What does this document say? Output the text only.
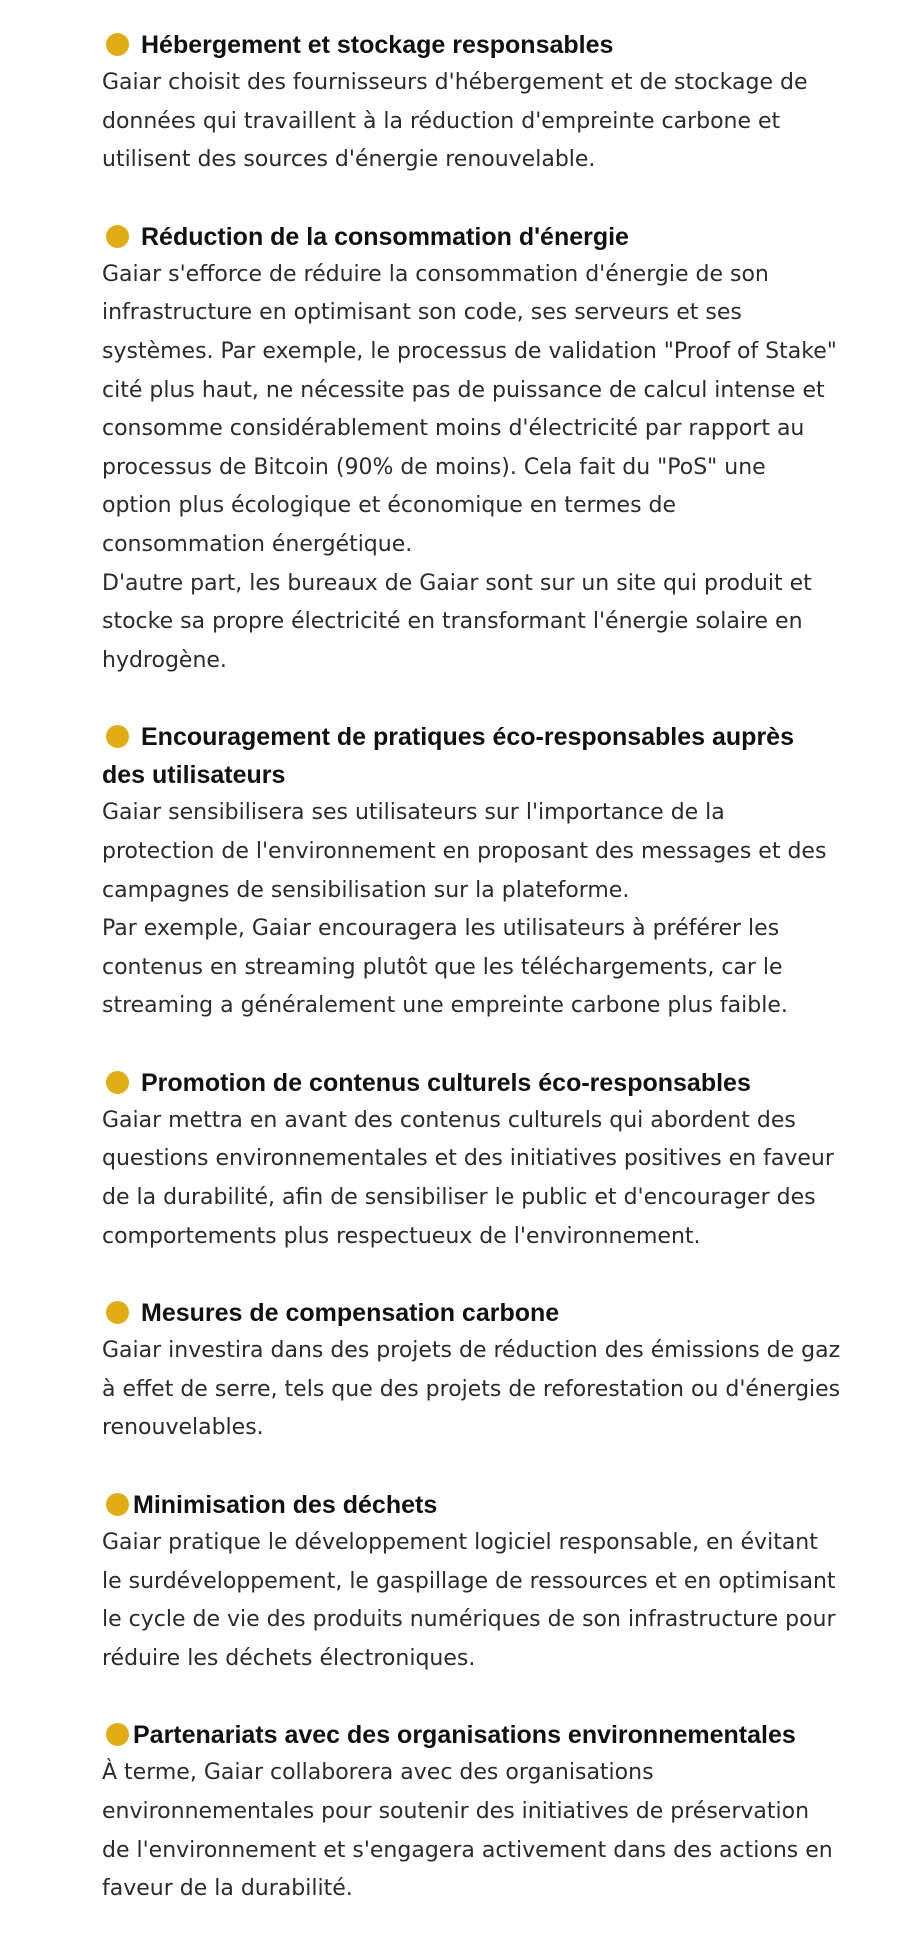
Hébergement et stockage responsables

Gaiar choisit des fournisseurs d'hébergement et de stockage de données qui travaillent à la réduction d'empreinte carbone et utilisent des sources d'énergie renouvelable.

Réduction de la consommation d'énergie

Gaiar s'efforce de réduire la consommation d'énergie de son infrastructure en optimisant son code, ses serveurs et ses systèmes. Par exemple, le processus de validation "Proof of Stake" cité plus haut, ne nécessite pas de puissance de calcul intense et consomme considérablement moins d'électricité par rapport au processus de Bitcoin (90% de moins). Cela fait du "PoS" une option plus écologique et économique en termes de consommation énergétique.

D'autre part, les bureaux de Gaiar sont sur un site qui produit et stocke sa propre électricité en transformant l'énergie solaire en hydrogène.

Encouragement de pratiques éco-responsables auprès des utilisateurs

Gaiar sensibilisera ses utilisateurs sur l'importance de la protection de l'environnement en proposant des messages et des campagnes de sensibilisation sur la plateforme.

Par exemple, Gaiar encouragera les utilisateurs à préférer les contenus en streaming plutôt que les téléchargements, car le streaming a généralement une empreinte carbone plus faible.

Promotion de contenus culturels éco-responsables

Gaiar mettra en avant des contenus culturels qui abordent des questions environnementales et des initiatives positives en faveur de la durabilité, afin de sensibiliser le public et d'encourager des comportements plus respectueux de l'environnement.

Mesures de compensation carbone

Gaiar investira dans des projets de réduction des émissions de gaz à effet de serre, tels que des projets de reforestation ou d'énergies renouvelables.

Minimisation des déchets

Gaiar pratique le développement logiciel responsable, en évitant le surdéveloppement, le gaspillage de ressources et en optimisant le cycle de vie des produits numériques de son infrastructure pour réduire les déchets électroniques.

Partenariats avec des organisations environnementales

À terme, Gaiar collaborera avec des organisations environnementales pour soutenir des initiatives de préservation de l'environnement et s'engagera activement dans des actions en faveur de la durabilité.
